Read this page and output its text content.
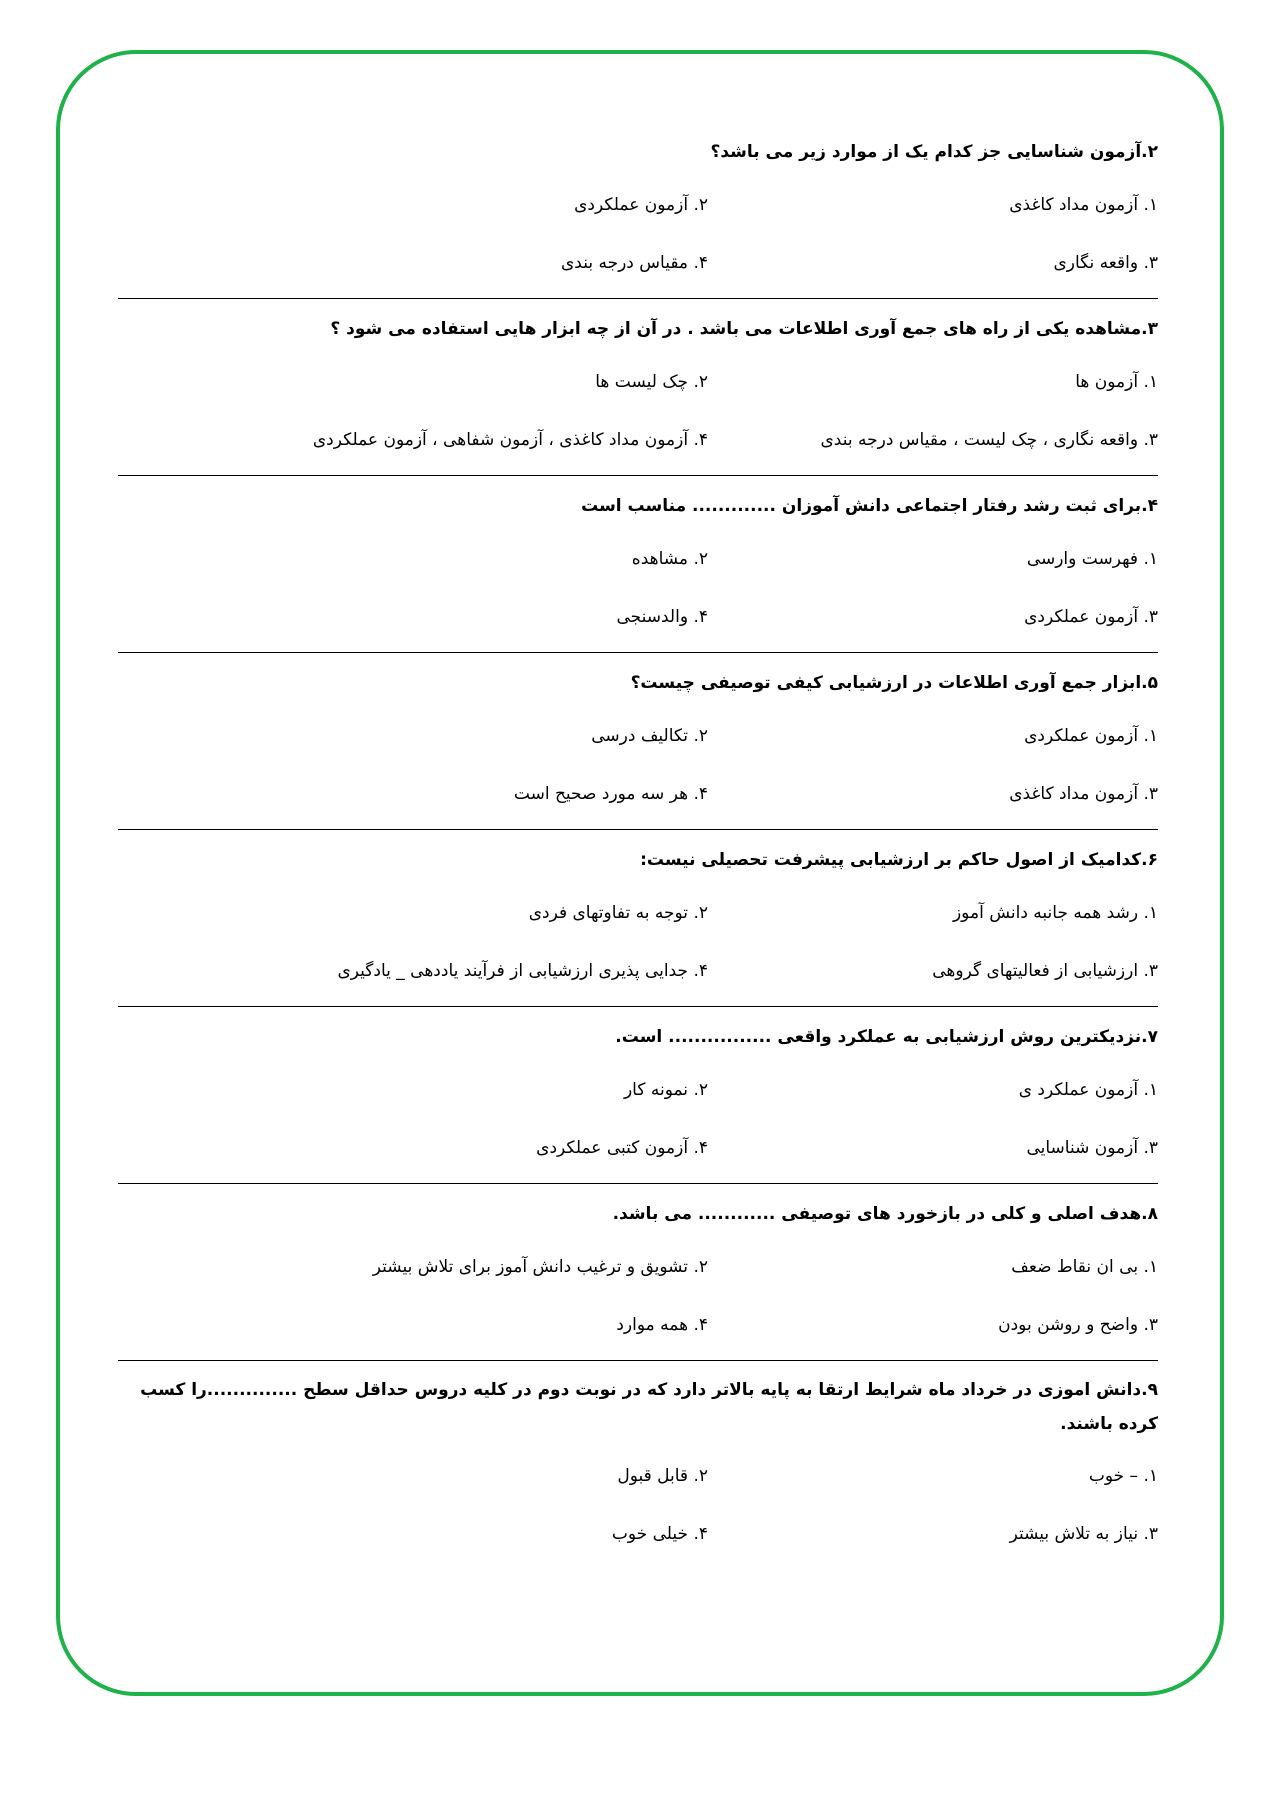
۲.آزمون شناسایی جز کدام یک از موارد زیر می باشد؟
۱. آزمون مداد کاغذی
۲. آزمون عملکردی
۳. واقعه نگاری
۴. مقیاس درجه بندی
۳.مشاهده یکی از راه های جمع آوری اطلاعات می باشد . در آن از چه ابزار هایی استفاده می شود ؟
۱. آزمون ها
۲. چک لیست ها
۳. واقعه نگاری ، چک لیست ، مقیاس درجه بندی
۴. آزمون مداد کاغذی ، آزمون شفاهی ، آزمون عملکردی
۴.برای ثبت رشد رفتار اجتماعی دانش آموزان ............. مناسب است
۱. فهرست وارسی
۲. مشاهده
۳. آزمون عملکردی
۴. والدسنجی
۵.ابزار جمع آوری اطلاعات در ارزشیابی کیفی توصیفی چیست؟
۱. آزمون عملکردی
۲. تکالیف درسی
۳. آزمون مداد کاغذی
۴. هر سه مورد صحیح است
۶.کدامیک از اصول حاکم بر ارزشیابی پیشرفت تحصیلی نیست:
۱. رشد همه جانبه دانش آموز
۲. توجه به تفاوتهای فردی
۳. ارزشیابی از فعالیتهای گروهی
۴. جدایی پذیری ارزشیابی از فرآیند یاددهی _ یادگیری
۷.نزدیکترین روش ارزشیابی به عملکرد واقعی ................ است.
۱. آزمون عملکرد ی
۲. نمونه کار
۳. آزمون شناسایی
۴. آزمون کتبی عملکردی
۸.هدف اصلی و کلی در بازخورد های توصیفی ............ می باشد.
۱. بی ان نقاط ضعف
۲. تشویق و ترغیب دانش آموز برای تلاش بیشتر
۳. واضح و روشن بودن
۴. همه موارد
۹.دانش اموزی در خرداد ماه شرایط ارتقا به پایه بالاتر دارد که در نوبت دوم در کلیه دروس حداقل سطح ..............را کسب کرده باشند.
۱. – خوب
۲. قابل قبول
۳. نیاز به تلاش بیشتر
۴. خیلی خوب
